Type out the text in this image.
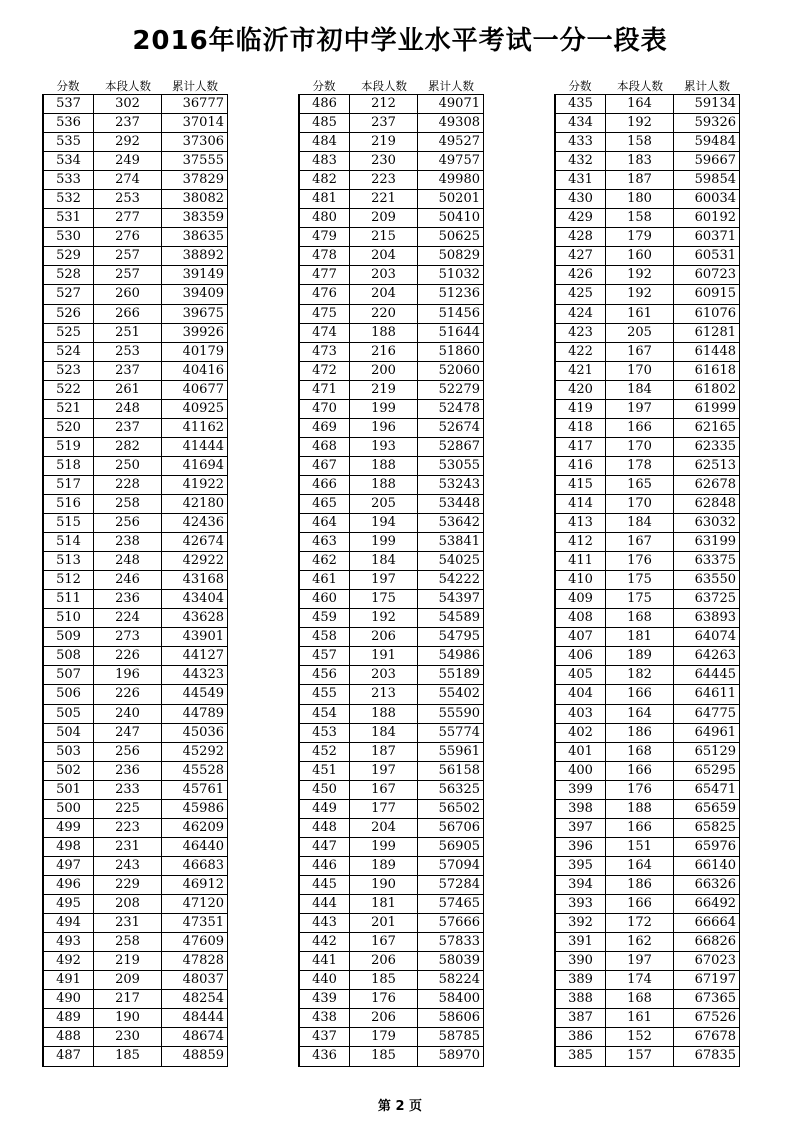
2016年临沂市初中学业水平考试一分一段表
分数	本段人数	累计人数
537	302	36777
536	237	37014
535	292	37306
534	249	37555
533	274	37829
532	253	38082
531	277	38359
530	276	38635
529	257	38892
528	257	39149
527	260	39409
526	266	39675
525	251	39926
524	253	40179
523	237	40416
522	261	40677
521	248	40925
520	237	41162
519	282	41444
518	250	41694
517	228	41922
516	258	42180
515	256	42436
514	238	42674
513	248	42922
512	246	43168
511	236	43404
510	224	43628
509	273	43901
508	226	44127
507	196	44323
506	226	44549
505	240	44789
504	247	45036
503	256	45292
502	236	45528
501	233	45761
500	225	45986
499	223	46209
498	231	46440
497	243	46683
496	229	46912
495	208	47120
494	231	47351
493	258	47609
492	219	47828
491	209	48037
490	217	48254
489	190	48444
488	230	48674
487	185	48859
分数	本段人数	累计人数
486	212	49071
485	237	49308
484	219	49527
483	230	49757
482	223	49980
481	221	50201
480	209	50410
479	215	50625
478	204	50829
477	203	51032
476	204	51236
475	220	51456
474	188	51644
473	216	51860
472	200	52060
471	219	52279
470	199	52478
469	196	52674
468	193	52867
467	188	53055
466	188	53243
465	205	53448
464	194	53642
463	199	53841
462	184	54025
461	197	54222
460	175	54397
459	192	54589
458	206	54795
457	191	54986
456	203	55189
455	213	55402
454	188	55590
453	184	55774
452	187	55961
451	197	56158
450	167	56325
449	177	56502
448	204	56706
447	199	56905
446	189	57094
445	190	57284
444	181	57465
443	201	57666
442	167	57833
441	206	58039
440	185	58224
439	176	58400
438	206	58606
437	179	58785
436	185	58970
分数	本段人数	累计人数
435	164	59134
434	192	59326
433	158	59484
432	183	59667
431	187	59854
430	180	60034
429	158	60192
428	179	60371
427	160	60531
426	192	60723
425	192	60915
424	161	61076
423	205	61281
422	167	61448
421	170	61618
420	184	61802
419	197	61999
418	166	62165
417	170	62335
416	178	62513
415	165	62678
414	170	62848
413	184	63032
412	167	63199
411	176	63375
410	175	63550
409	175	63725
408	168	63893
407	181	64074
406	189	64263
405	182	64445
404	166	64611
403	164	64775
402	186	64961
401	168	65129
400	166	65295
399	176	65471
398	188	65659
397	166	65825
396	151	65976
395	164	66140
394	186	66326
393	166	66492
392	172	66664
391	162	66826
390	197	67023
389	174	67197
388	168	67365
387	161	67526
386	152	67678
385	157	67835
第 2 页
